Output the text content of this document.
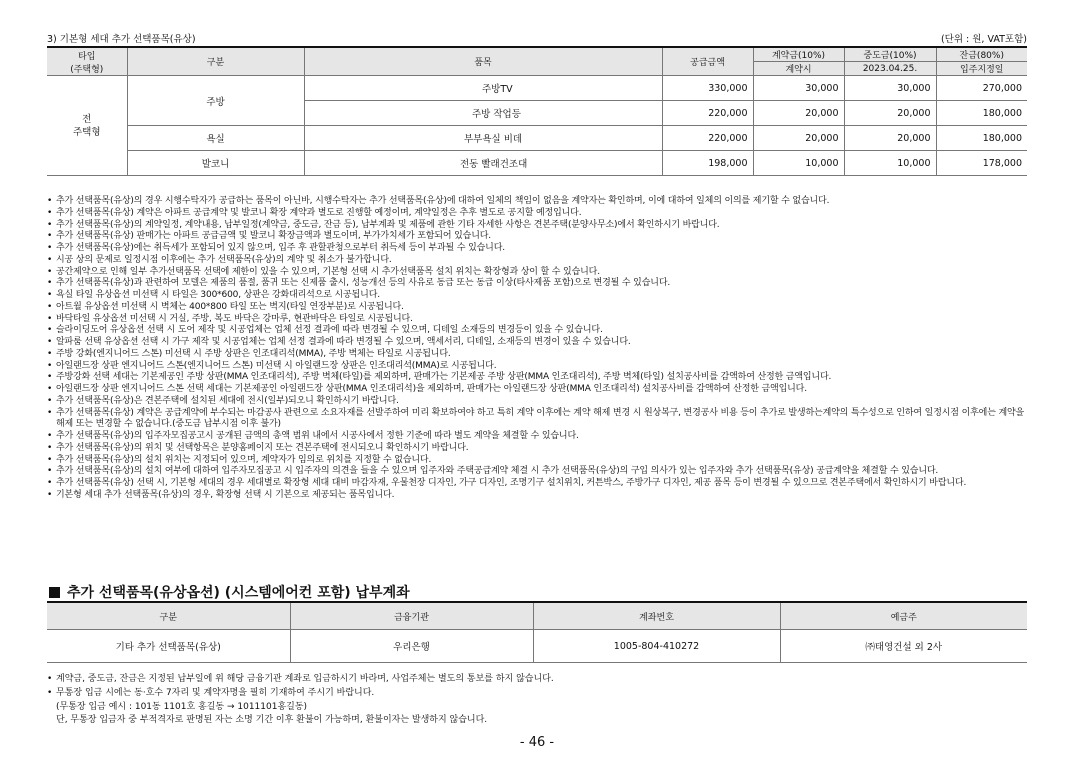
3) 기본형 세대 추가 선택품목(유상)	(단위 : 원, VAT포함)
타입
(주택형)	구분	품목		공급금액	계약금(10%)	중도금(10%)	잔금(80%)
					계약시	2023.04.25.	입주지정일
전
주택형	주방		주방TV	330,000	30,000	30,000	270,000
			주방 작업등	220,000	20,000	20,000	180,000
	욕실		부부욕실 비데	220,000	20,000	20,000	180,000
	발코니		전동 빨래건조대	198,000	10,000	10,000	178,000
• 추가 선택품목(유상)의 경우 시행수탁자가 공급하는 품목이 아닌바, 시행수탁자는 추가 선택품목(유상)에 대하여 일체의 책임이 없음을 계약자는 확인하며, 이에 대하여 일체의 이의를 제기할 수 없습니다.
• 추가 선택품목(유상) 계약은 아파트 공급계약 및 발코니 확장 계약과 별도로 진행할 예정이며, 계약일정은 추후 별도로 공지할 예정입니다.
• 추가 선택품목(유상)의 계약일정, 계약내용, 납부일정(계약금, 중도금, 잔금 등), 납부계좌 및 제품에 관한 기타 자세한 사항은 견본주택(분양사무소)에서 확인하시기 바랍니다.
• 추가 선택품목(유상) 판매가는 아파트 공급금액 및 발코니 확장금액과 별도이며, 부가가치세가 포함되어 있습니다.
• 추가 선택품목(유상)에는 취득세가 포함되어 있지 않으며, 입주 후 관할관청으로부터 취득세 등이 부과될 수 있습니다.
• 시공 상의 문제로 일정시점 이후에는 추가 선택품목(유상)의 계약 및 취소가 불가합니다.
• 공간제약으로 인해 일부 추가선택품목 선택에 제한이 있을 수 있으며, 기본형 선택 시 추가선택품목 설치 위치는 확장형과 상이 할 수 있습니다.
• 추가 선택품목(유상)과 관련하여 모델은 제품의 품절, 품귀 또는 신제품 출시, 성능개선 등의 사유로 동급 또는 동급 이상(타사제품 포함)으로 변경될 수 있습니다.
• 욕실 타일 유상옵션 미선택 시 타일은 300*600, 상판은 강화대리석으로 시공됩니다.
• 아트월 유상옵션 미선택 시 벽체는 400*800 타일 또는 벽지(타일 연장부분)로 시공됩니다.
• 바닥타일 유상옵션 미선택 시 거실, 주방, 복도 바닥은 강마루, 현관바닥은 타일로 시공됩니다.
• 슬라이딩도어 유상옵션 선택 시 도어 제작 및 시공업체는 업체 선정 결과에 따라 변경될 수 있으며, 디테일 소재등의 변경등이 있을 수 있습니다.
• 알파룸 선택 유상옵션 선택 시 가구 제작 및 시공업체는 업체 선정 결과에 따라 변경될 수 있으며, 액세서리, 디테일, 소재등의 변경이 있을 수 있습니다.
• 주방 강화(엔지니어드 스톤) 미선택 시 주방 상판은 인조대리석(MMA), 주방 벽체는 타일로 시공됩니다.
• 아일랜드장 상판 엔지니어드 스톤(엔지니어드 스톤) 미선택 시 아일랜드장 상판은 인조대리석(MMA)로 시공됩니다.
• 주방강화 선택 세대는 기본제공인 주방 상판(MMA 인조대리석), 주방 벽체(타일)를 제외하며, 판매가는 기본제공 주방 상판(MMA 인조대리석), 주방 벽체(타일) 설치공사비를 감액하여 산정한 금액입니다.
• 아일랜드장 상판 엔지니어드 스톤 선택 세대는 기본제공인 아일랜드장 상판(MMA 인조대리석)을 제외하며, 판매가는 아일랜드장 상판(MMA 인조대리석) 설치공사비를 감액하여 산정한 금액입니다.
• 추가 선택품목(유상)은 견본주택에 설치된 세대에 전시(일부)되오니 확인하시기 바랍니다.
• 추가 선택품목(유상) 계약은 공급계약에 부수되는 마감공사 관련으로 소요자재를 선발주하여 미리 확보하여야 하고 특히 계약 이후에는 계약 해제 변경 시 원상복구, 변경공사 비용 등이 추가로 발생하는계약의 특수성으로 인하여 일정시점 이후에는 계약을 해제 또는 변경할 수 없습니다.(중도금 납부시점 이후 불가)
• 추가 선택품목(유상)의 입주자모집공고시 공개된 금액의 총액 범위 내에서 시공사에서 정한 기준에 따라 별도 계약을 체결할 수 있습니다.
• 추가 선택품목(유상)의 위치 및 선택항목은 분양홈페이지 또는 견본주택에 전시되오니 확인하시기 바랍니다.
• 추가 선택품목(유상)의 설치 위치는 지정되어 있으며, 계약자가 임의로 위치를 지정할 수 없습니다.
• 추가 선택품목(유상)의 설치 여부에 대하여 입주자모집공고 시 입주자의 의견을 들을 수 있으며 입주자와 주택공급계약 체결 시 추가 선택품목(유상)의 구입 의사가 있는 입주자와 추가 선택품목(유상) 공급계약을 체결할 수 있습니다.
• 추가 선택품목(유상) 선택 시, 기본형 세대의 경우 세대별로 확장형 세대 대비 마감자재, 우물천장 디자인, 가구 디자인, 조명기구 설치위치, 커튼박스, 주방가구 디자인, 제공 품목 등이 변경될 수 있으므로 견본주택에서 확인하시기 바랍니다.
• 기본형 세대 추가 선택품목(유상)의 경우, 확장형 선택 시 기본으로 제공되는 품목입니다.
추가 선택품목(유상옵션) (시스템에어컨 포함) 납부계좌
구분	금융기관	계좌번호	예금주
기타 추가 선택품목(유상)	우리은행	1005-804-410272	㈜태영건설 외 2사
• 계약금, 중도금, 잔금은 지정된 납부일에 위 해당 금융기관 계좌로 입금하시기 바라며, 사업주체는 별도의 통보를 하지 않습니다.
• 무통장 입금 시에는 동·호수 7자리 및 계약자명을 필히 기재하여 주시기 바랍니다.
(무통장 입금 예시 : 101동 1101호 홍길동 → 1011101홍길동)
단, 무통장 입금자 중 부적격자로 판명된 자는 소명 기간 이후 환불이 가능하며, 환불이자는 발생하지 않습니다.
- 46 -
